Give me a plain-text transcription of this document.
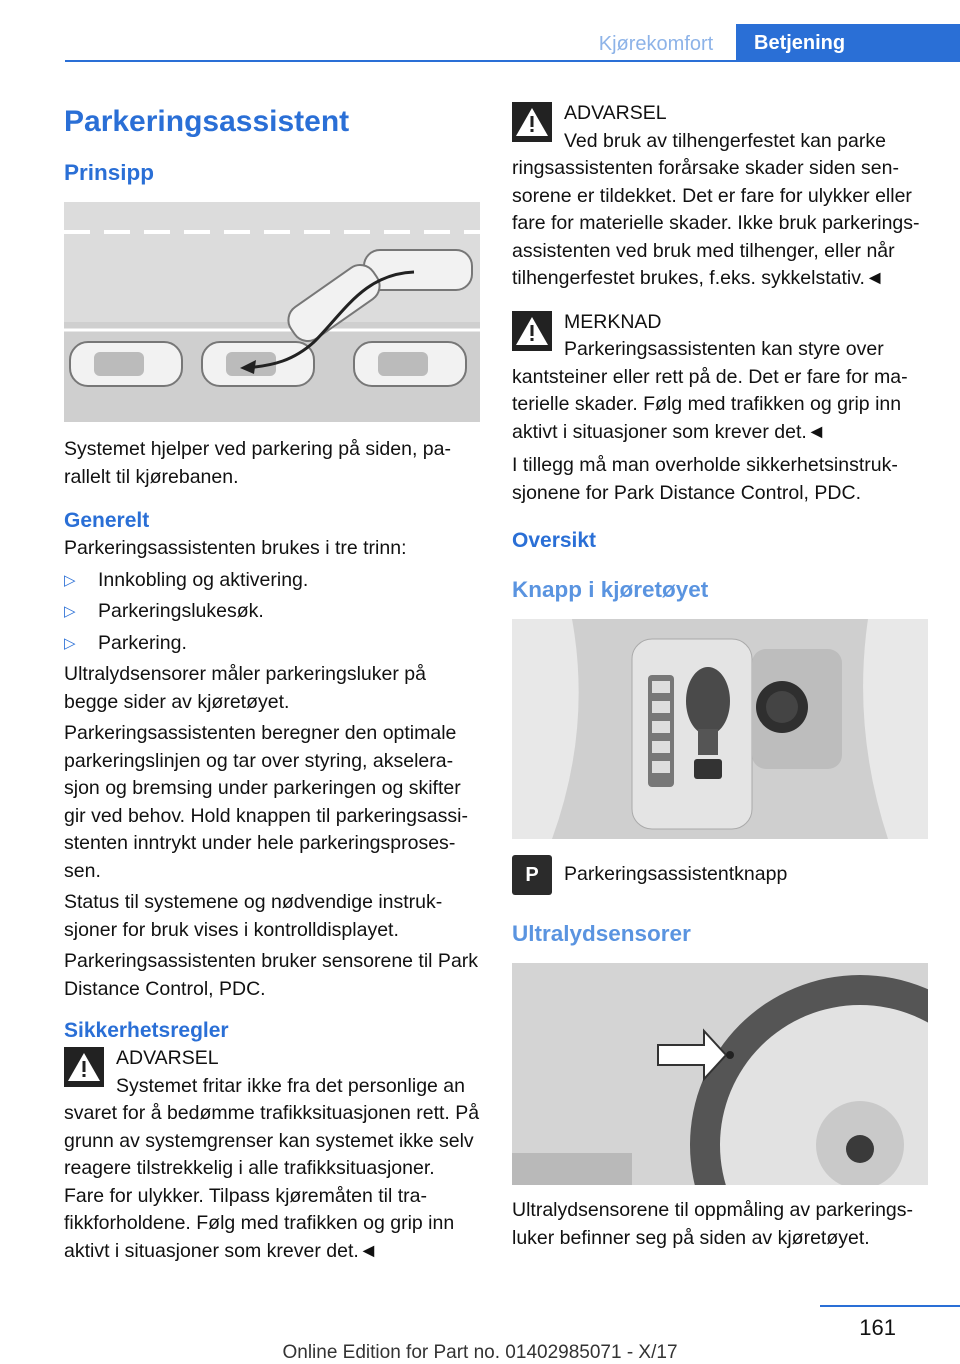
Kjørekomfort	Betjening
Parkeringsassistent
Prinsipp

Systemet hjelper ved parkering på siden, parallelt til kjørebanen.

Generelt

Parkeringsassistenten brukes i tre trinn:

▷ Innkobling og aktivering.
▷ Parkeringslukesøk.
▷ Parkering.

Ultralydsensorer måler parkeringsluker på begge sider av kjøretøyet.

Parkeringsassistenten beregner den optimale parkeringslinjen og tar over styring, akselerasjon og bremsing under parkeringen og skifter gir ved behov. Hold knappen til parkeringsassistenten inntrykt under hele parkeringsprosessen.

Status til systemene og nødvendige instruksjoner for bruk vises i kontrolldisplayet.

Parkeringsassistenten bruker sensorene til Park Distance Control, PDC.

Sikkerhetsregler
ADVARSEL
Systemet fritar ikke fra det personlige an
svaret for å bedømme trafikksituasjonen rett. På grunn av systemgrenser kan systemet ikke selv reagere tilstrekkelig i alle trafikksituasjoner. Fare for ulykker. Tilpass kjøremåten til trafikkforholdene. Følg med trafikken og grip inn aktivt i situasjoner som krever det.◄
ADVARSEL
Ved bruk av tilhengerfestet kan parke
ringsassistenten forårsake skader siden sensorene er tildekket. Det er fare for ulykker eller fare for materielle skader. Ikke bruk parkeringsassistenten ved bruk med tilhenger, eller når tilhengerfestet brukes, f.eks. sykkelstativ.◄
MERKNAD
Parkeringsassistenten kan styre over
kantsteiner eller rett på de. Det er fare for materielle skader. Følg med trafikken og grip inn aktivt i situasjoner som krever det.◄

I tillegg må man overholde sikkerhetsinstruksjonene for Park Distance Control, PDC.

Oversikt
Knapp i kjøretøyet
P	Parkeringsassistentknapp
Ultralydsensorer

Ultralydsensorene til oppmåling av parkeringsluker befinner seg på siden av kjøretøyet.

161
Online Edition for Part no. 01402985071 - X/17
